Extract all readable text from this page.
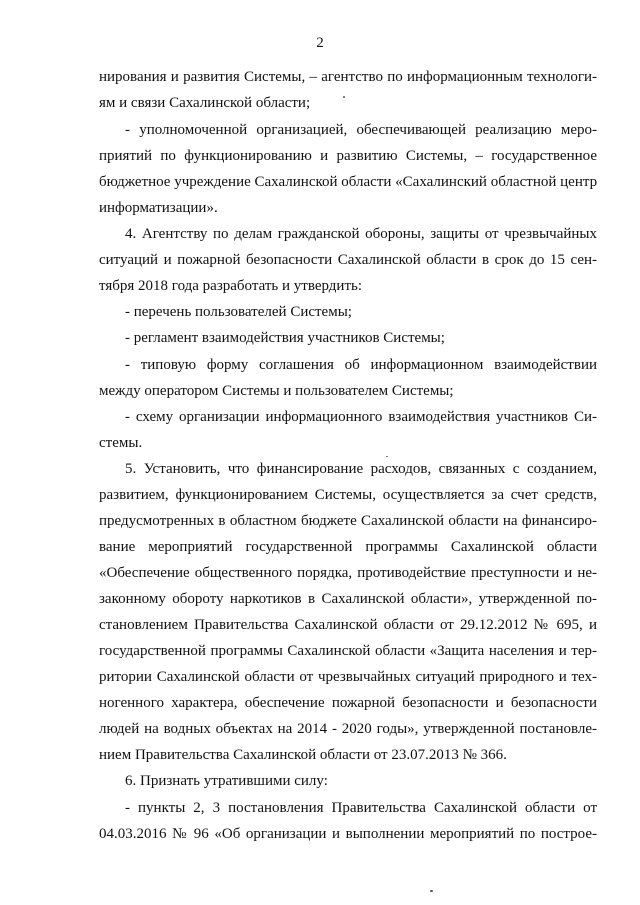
2
нирования и развития Системы, – агентство по информационным технологи-
ям и связи Сахалинской области;
- уполномоченной организацией, обеспечивающей реализацию меро-
приятий по функционированию и развитию Системы, – государственное
бюджетное учреждение Сахалинской области «Сахалинский областной центр
информатизации».
4. Агентству по делам гражданской обороны, защиты от чрезвычайных
ситуаций и пожарной безопасности Сахалинской области в срок до 15 сен-
тября 2018 года разработать и утвердить:
- перечень пользователей Системы;
- регламент взаимодействия участников Системы;
- типовую форму соглашения об информационном взаимодействии
между оператором Системы и пользователем Системы;
- схему организации информационного взаимодействия участников Си-
стемы.
5. Установить, что финансирование расходов, связанных с созданием,
развитием, функционированием Системы, осуществляется за счет средств,
предусмотренных в областном бюджете Сахалинской области на финансиро-
вание мероприятий государственной программы Сахалинской области
«Обеспечение общественного порядка, противодействие преступности и не-
законному обороту наркотиков в Сахалинской области», утвержденной по-
становлением Правительства Сахалинской области от 29.12.2012 № 695, и
государственной программы Сахалинской области «Защита населения и тер-
ритории Сахалинской области от чрезвычайных ситуаций природного и тех-
ногенного характера, обеспечение пожарной безопасности и безопасности
людей на водных объектах на 2014 - 2020 годы», утвержденной постановле-
нием Правительства Сахалинской области от 23.07.2013 № 366.
6. Признать утратившими силу:
- пункты 2, 3 постановления Правительства Сахалинской области от
04.03.2016 № 96 «Об организации и выполнении мероприятий по построе-
